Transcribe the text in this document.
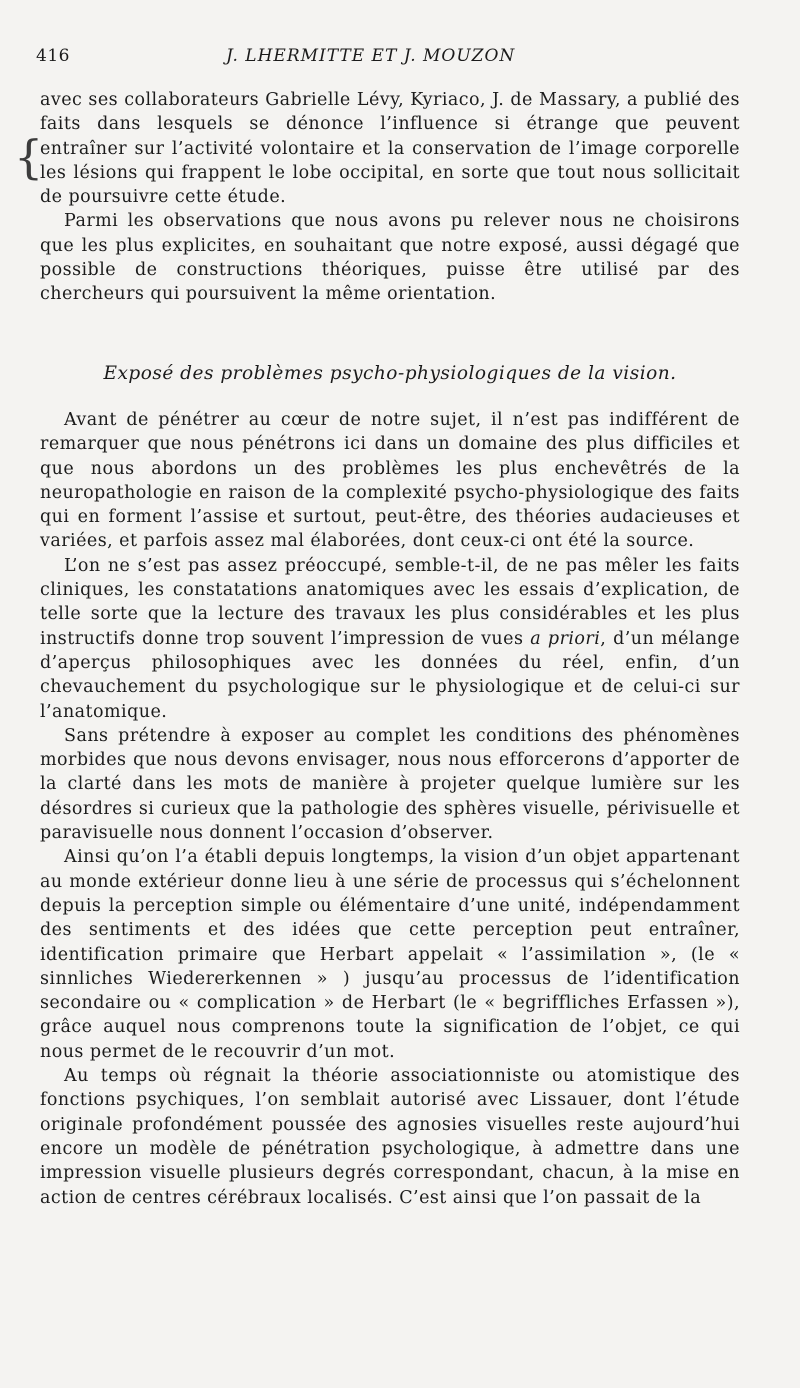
416	J. LHERMITTE ET J. MOUZON
{

avec ses collaborateurs Gabrielle Lévy, Kyriaco, J. de Massary, a publié des faits dans lesquels se dénonce l’influence si étrange que peuvent entraîner sur l’activité volontaire et la conservation de l’image corporelle les lésions qui frappent le lobe occipital, en sorte que tout nous sollicitait de poursuivre cette étude.

Parmi les observations que nous avons pu relever nous ne choisirons que les plus explicites, en souhaitant que notre exposé, aussi dégagé que possible de constructions théoriques, puisse être utilisé par des chercheurs qui poursuivent la même orientation.

Exposé des problèmes psycho-physiologiques de la vision.

Avant de pénétrer au cœur de notre sujet, il n’est pas indifférent de remarquer que nous pénétrons ici dans un domaine des plus difficiles et que nous abordons un des problèmes les plus enchevêtrés de la neuropathologie en raison de la complexité psycho-physiologique des faits qui en forment l’assise et surtout, peut-être, des théories audacieuses et variées, et parfois assez mal élaborées, dont ceux-ci ont été la source.

L’on ne s’est pas assez préoccupé, semble-t-il, de ne pas mêler les faits cliniques, les constatations anatomiques avec les essais d’explication, de telle sorte que la lecture des travaux les plus considérables et les plus instructifs donne trop souvent l’impression de vues a priori, d’un mélange d’aperçus philosophiques avec les données du réel, enfin, d’un chevauchement du psychologique sur le physiologique et de celui-ci sur l’anatomique.

Sans prétendre à exposer au complet les conditions des phénomènes morbides que nous devons envisager, nous nous efforcerons d’apporter de la clarté dans les mots de manière à projeter quelque lumière sur les désordres si curieux que la pathologie des sphères visuelle, périvisuelle et paravisuelle nous donnent l’occasion d’observer.

Ainsi qu’on l’a établi depuis longtemps, la vision d’un objet appartenant au monde extérieur donne lieu à une série de processus qui s’échelonnent depuis la perception simple ou élémentaire d’une unité, indépendamment des sentiments et des idées que cette perception peut entraîner, identification primaire que Herbart appelait « l’assimilation », (le « sinnliches Wiedererkennen » ) jusqu’au processus de l’identification secondaire ou « complication » de Herbart (le « begriffliches Erfassen »), grâce auquel nous comprenons toute la signification de l’objet, ce qui nous permet de le recouvrir d’un mot.

Au temps où régnait la théorie associationniste ou atomistique des fonctions psychiques, l’on semblait autorisé avec Lissauer, dont l’étude originale profondément poussée des agnosies visuelles reste aujourd’hui encore un modèle de pénétration psychologique, à admettre dans une impression visuelle plusieurs degrés correspondant, chacun, à la mise en action de centres cérébraux localisés. C’est ainsi que l’on passait de la
